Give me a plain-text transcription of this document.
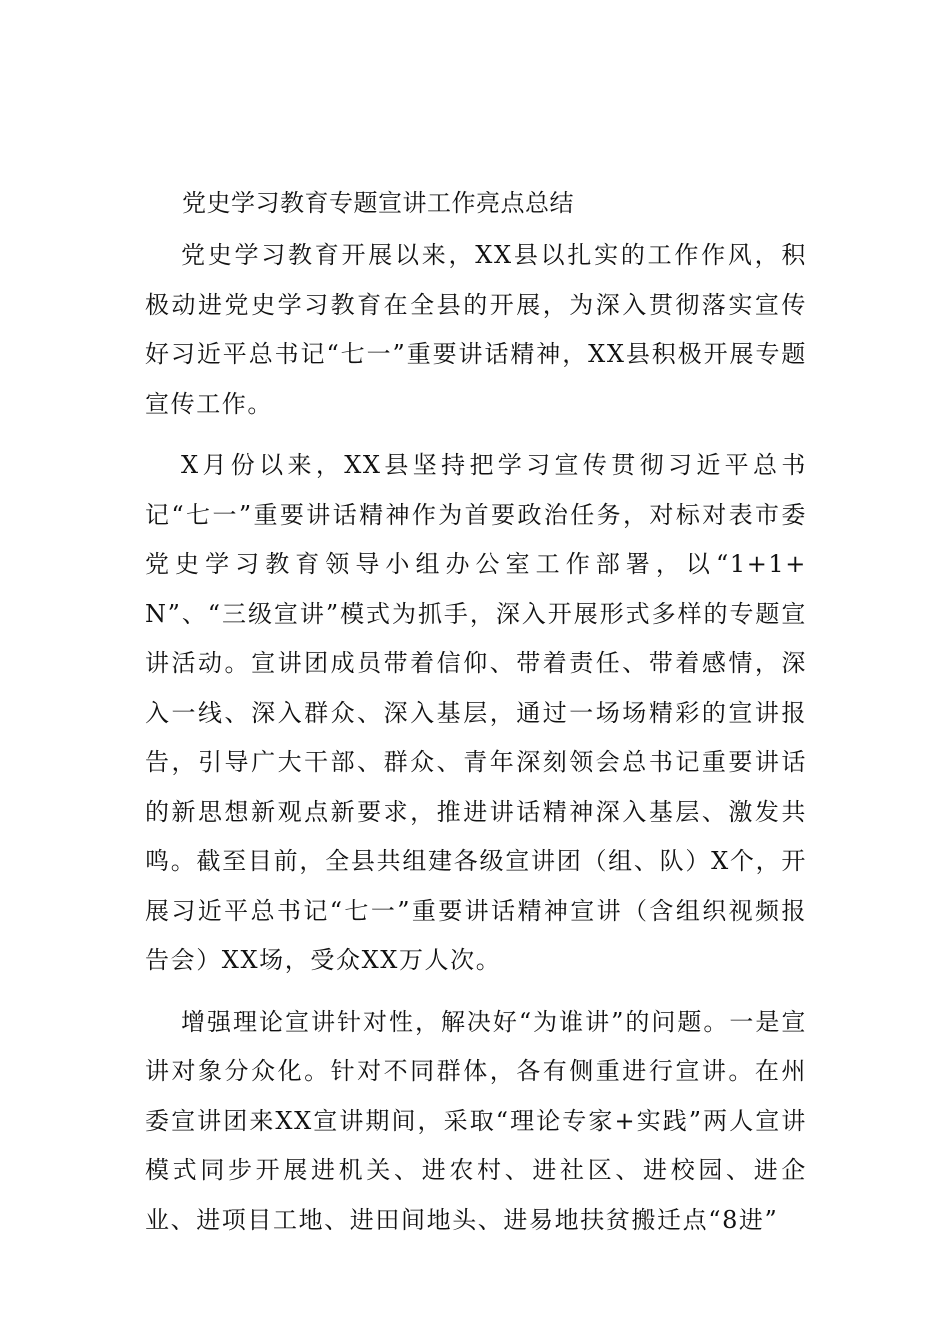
党史学习教育专题宣讲工作亮点总结

党史学习教育开展以来，XX县以扎实的工作作风，积极动进党史学习教育在全县的开展，为深入贯彻落实宣传好习近平总书记“七一”重要讲话精神，XX县积极开展专题宣传工作。

X月份以来，XX县坚持把学习宣传贯彻习近平总书记“七一”重要讲话精神作为首要政治任务，对标对表市委党史学习教育领导小组办公室工作部署，以“1+1+N”、“三级宣讲”模式为抓手，深入开展形式多样的专题宣讲活动。宣讲团成员带着信仰、带着责任、带着感情，深入一线、深入群众、深入基层，通过一场场精彩的宣讲报告，引导广大干部、群众、青年深刻领会总书记重要讲话的新思想新观点新要求，推进讲话精神深入基层、激发共鸣。截至目前，全县共组建各级宣讲团（组、队）X个，开展习近平总书记“七一”重要讲话精神宣讲（含组织视频报告会）XX场，受众XX万人次。

增强理论宣讲针对性，解决好“为谁讲”的问题。一是宣讲对象分众化。针对不同群体，各有侧重进行宣讲。在州委宣讲团来XX宣讲期间，采取“理论专家+实践”两人宣讲模式同步开展进机关、进农村、进社区、进校园、进企业、进项目工地、进田间地头、进易地扶贫搬迁点“8进”
